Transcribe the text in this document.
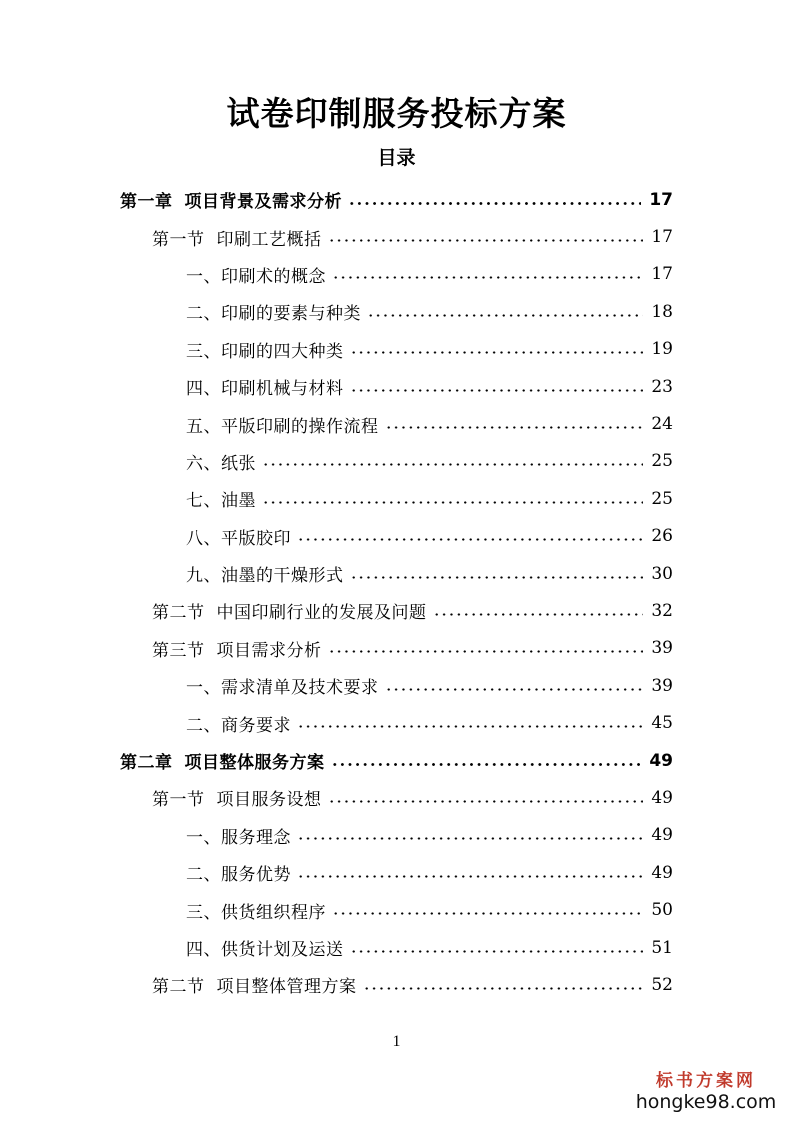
试卷印制服务投标方案
目录
第一章 项目背景及需求分析	17
第一节 印刷工艺概括	17
一、印刷术的概念	17
二、印刷的要素与种类	18
三、印刷的四大种类	19
四、印刷机械与材料	23
五、平版印刷的操作流程	24
六、纸张	25
七、油墨	25
八、平版胶印	26
九、油墨的干燥形式	30
第二节 中国印刷行业的发展及问题	32
第三节 项目需求分析	39
一、需求清单及技术要求	39
二、商务要求	45
第二章 项目整体服务方案	49
第一节 项目服务设想	49
一、服务理念	49
二、服务优势	49
三、供货组织程序	50
四、供货计划及运送	51
第二节 项目整体管理方案	52
1
标书方案网
hongke98.com
